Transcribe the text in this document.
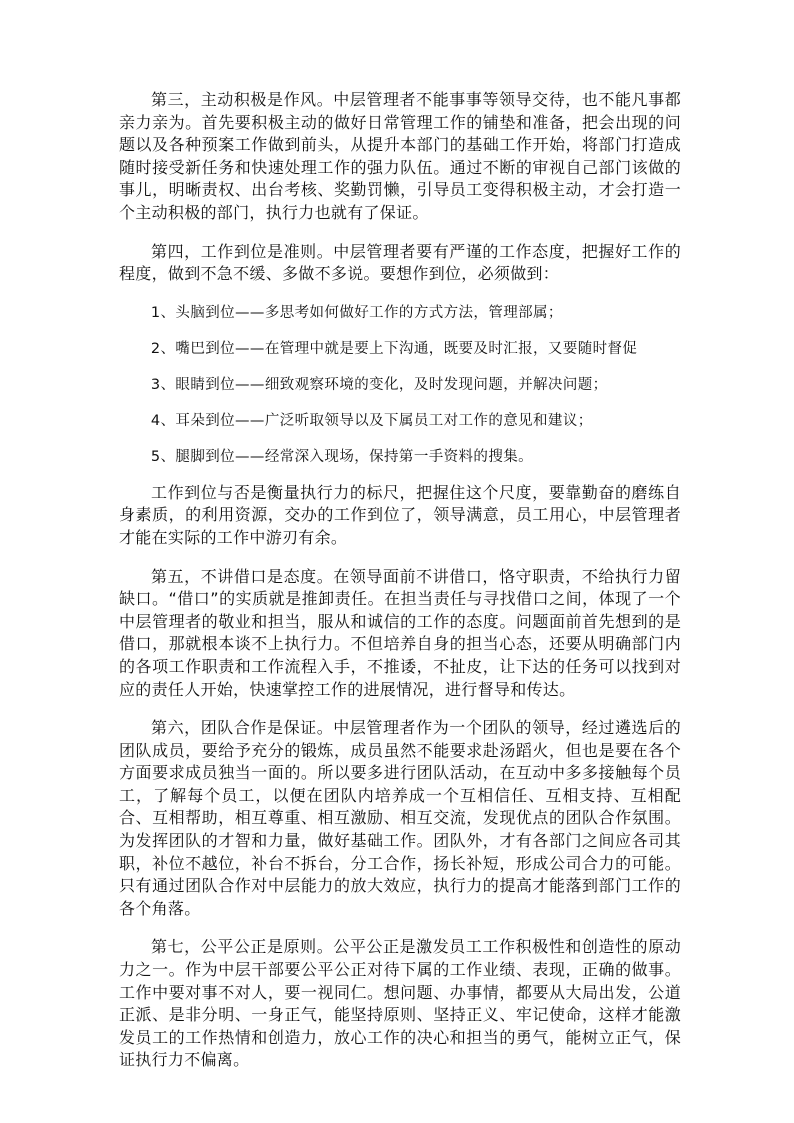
第三，主动积极是作风。中层管理者不能事事等领导交待，也不能凡事都亲力亲为。首先要积极主动的做好日常管理工作的铺垫和准备，把会出现的问题以及各种预案工作做到前头，从提升本部门的基础工作开始，将部门打造成随时接受新任务和快速处理工作的强力队伍。通过不断的审视自己部门该做的事儿，明晰责权、出台考核、奖勤罚懒，引导员工变得积极主动，才会打造一个主动积极的部门，执行力也就有了保证。

第四，工作到位是准则。中层管理者要有严谨的工作态度，把握好工作的程度，做到不急不缓、多做不多说。要想作到位，必须做到：

1、头脑到位——多思考如何做好工作的方式方法，管理部属；

2、嘴巴到位——在管理中就是要上下沟通，既要及时汇报，又要随时督促

3、眼睛到位——细致观察环境的变化，及时发现问题，并解决问题；

4、耳朵到位——广泛听取领导以及下属员工对工作的意见和建议；

5、腿脚到位——经常深入现场，保持第一手资料的搜集。

工作到位与否是衡量执行力的标尺，把握住这个尺度，要靠勤奋的磨练自身素质，的利用资源，交办的工作到位了，领导满意，员工用心，中层管理者才能在实际的工作中游刃有余。

第五，不讲借口是态度。在领导面前不讲借口，恪守职责，不给执行力留缺口。“借口”的实质就是推卸责任。在担当责任与寻找借口之间，体现了一个中层管理者的敬业和担当，服从和诚信的工作的态度。问题面前首先想到的是借口，那就根本谈不上执行力。不但培养自身的担当心态，还要从明确部门内的各项工作职责和工作流程入手，不推诿，不扯皮，让下达的任务可以找到对应的责任人开始，快速掌控工作的进展情况，进行督导和传达。

第六，团队合作是保证。中层管理者作为一个团队的领导，经过遴选后的团队成员，要给予充分的锻炼，成员虽然不能要求赴汤蹈火，但也是要在各个方面要求成员独当一面的。所以要多进行团队活动，在互动中多多接触每个员工，了解每个员工，以便在团队内培养成一个互相信任、互相支持、互相配合、互相帮助，相互尊重、相互激励、相互交流，发现优点的团队合作氛围。为发挥团队的才智和力量，做好基础工作。团队外，才有各部门之间应各司其职，补位不越位，补台不拆台，分工合作，扬长补短，形成公司合力的可能。只有通过团队合作对中层能力的放大效应，执行力的提高才能落到部门工作的各个角落。

第七，公平公正是原则。公平公正是激发员工工作积极性和创造性的原动力之一。作为中层干部要公平公正对待下属的工作业绩、表现，正确的做事。工作中要对事不对人，要一视同仁。想问题、办事情，都要从大局出发，公道正派、是非分明、一身正气，能坚持原则、坚持正义、牢记使命，这样才能激发员工的工作热情和创造力，放心工作的决心和担当的勇气，能树立正气，保证执行力不偏离。
